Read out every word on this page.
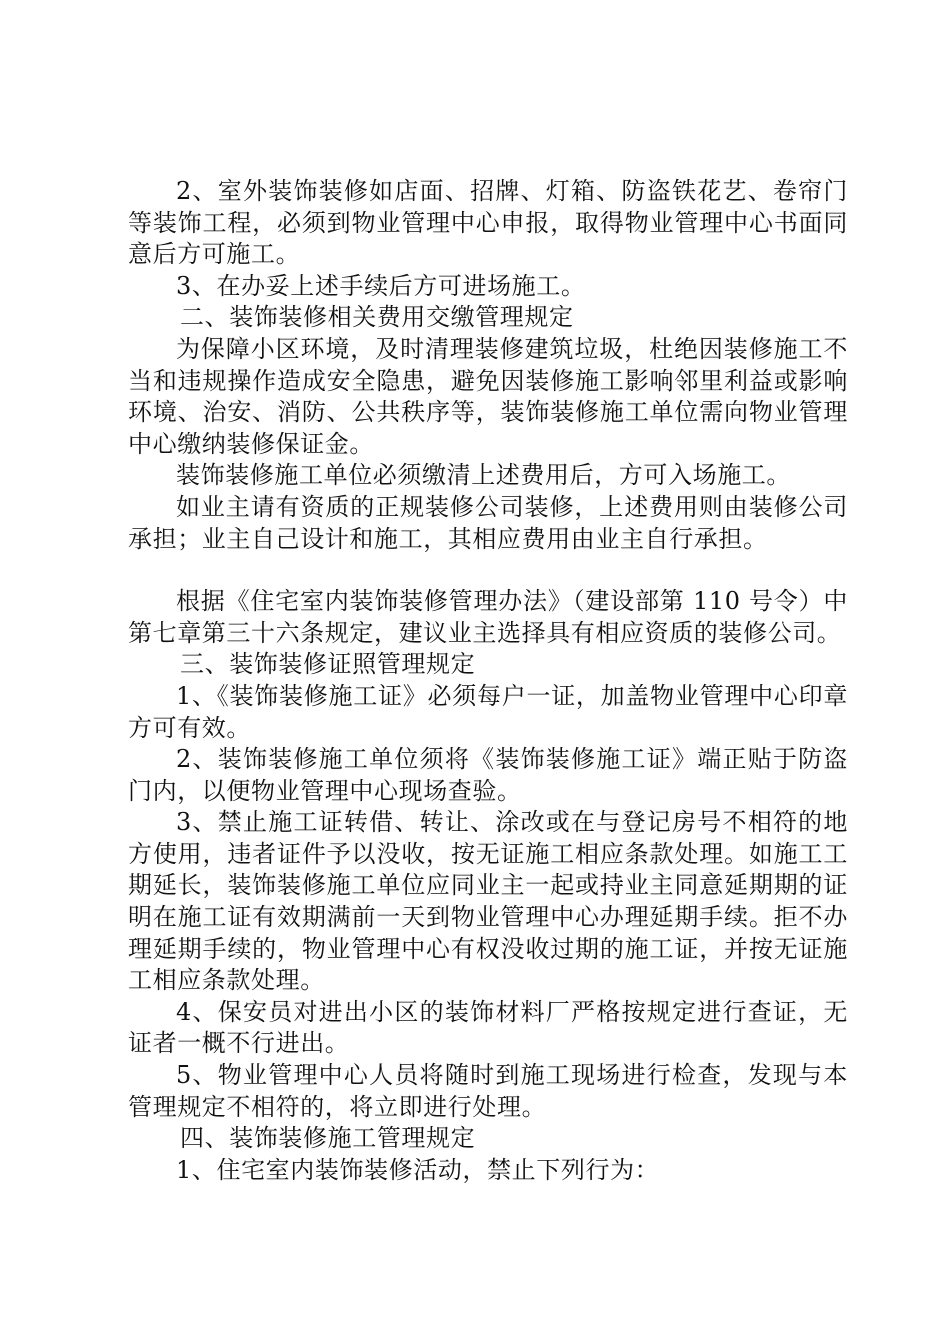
2、室外装饰装修如店面、招牌、灯箱、防盗铁花艺、卷帘门等装饰工程，必须到物业管理中心申报，取得物业管理中心书面同意后方可施工。

3、在办妥上述手续后方可进场施工。

二、装饰装修相关费用交缴管理规定

为保障小区环境，及时清理装修建筑垃圾，杜绝因装修施工不当和违规操作造成安全隐患，避免因装修施工影响邻里利益或影响环境、治安、消防、公共秩序等，装饰装修施工单位需向物业管理中心缴纳装修保证金。

装饰装修施工单位必须缴清上述费用后，方可入场施工。

如业主请有资质的正规装修公司装修，上述费用则由装修公司承担；业主自己设计和施工，其相应费用由业主自行承担。

根据《住宅室内装饰装修管理办法》（建设部第 110 号令）中第七章第三十六条规定，建议业主选择具有相应资质的装修公司。

三、装饰装修证照管理规定

1、《装饰装修施工证》必须每户一证，加盖物业管理中心印章方可有效。

2、装饰装修施工单位须将《装饰装修施工证》端正贴于防盗门内，以便物业管理中心现场查验。

3、禁止施工证转借、转让、涂改或在与登记房号不相符的地方使用，违者证件予以没收，按无证施工相应条款处理。如施工工期延长，装饰装修施工单位应同业主一起或持业主同意延期期的证明在施工证有效期满前一天到物业管理中心办理延期手续。拒不办理延期手续的，物业管理中心有权没收过期的施工证，并按无证施工相应条款处理。

4、保安员对进出小区的装饰材料厂严格按规定进行查证，无证者一概不行进出。

5、物业管理中心人员将随时到施工现场进行检查，发现与本管理规定不相符的，将立即进行处理。

四、装饰装修施工管理规定

1、住宅室内装饰装修活动，禁止下列行为：
